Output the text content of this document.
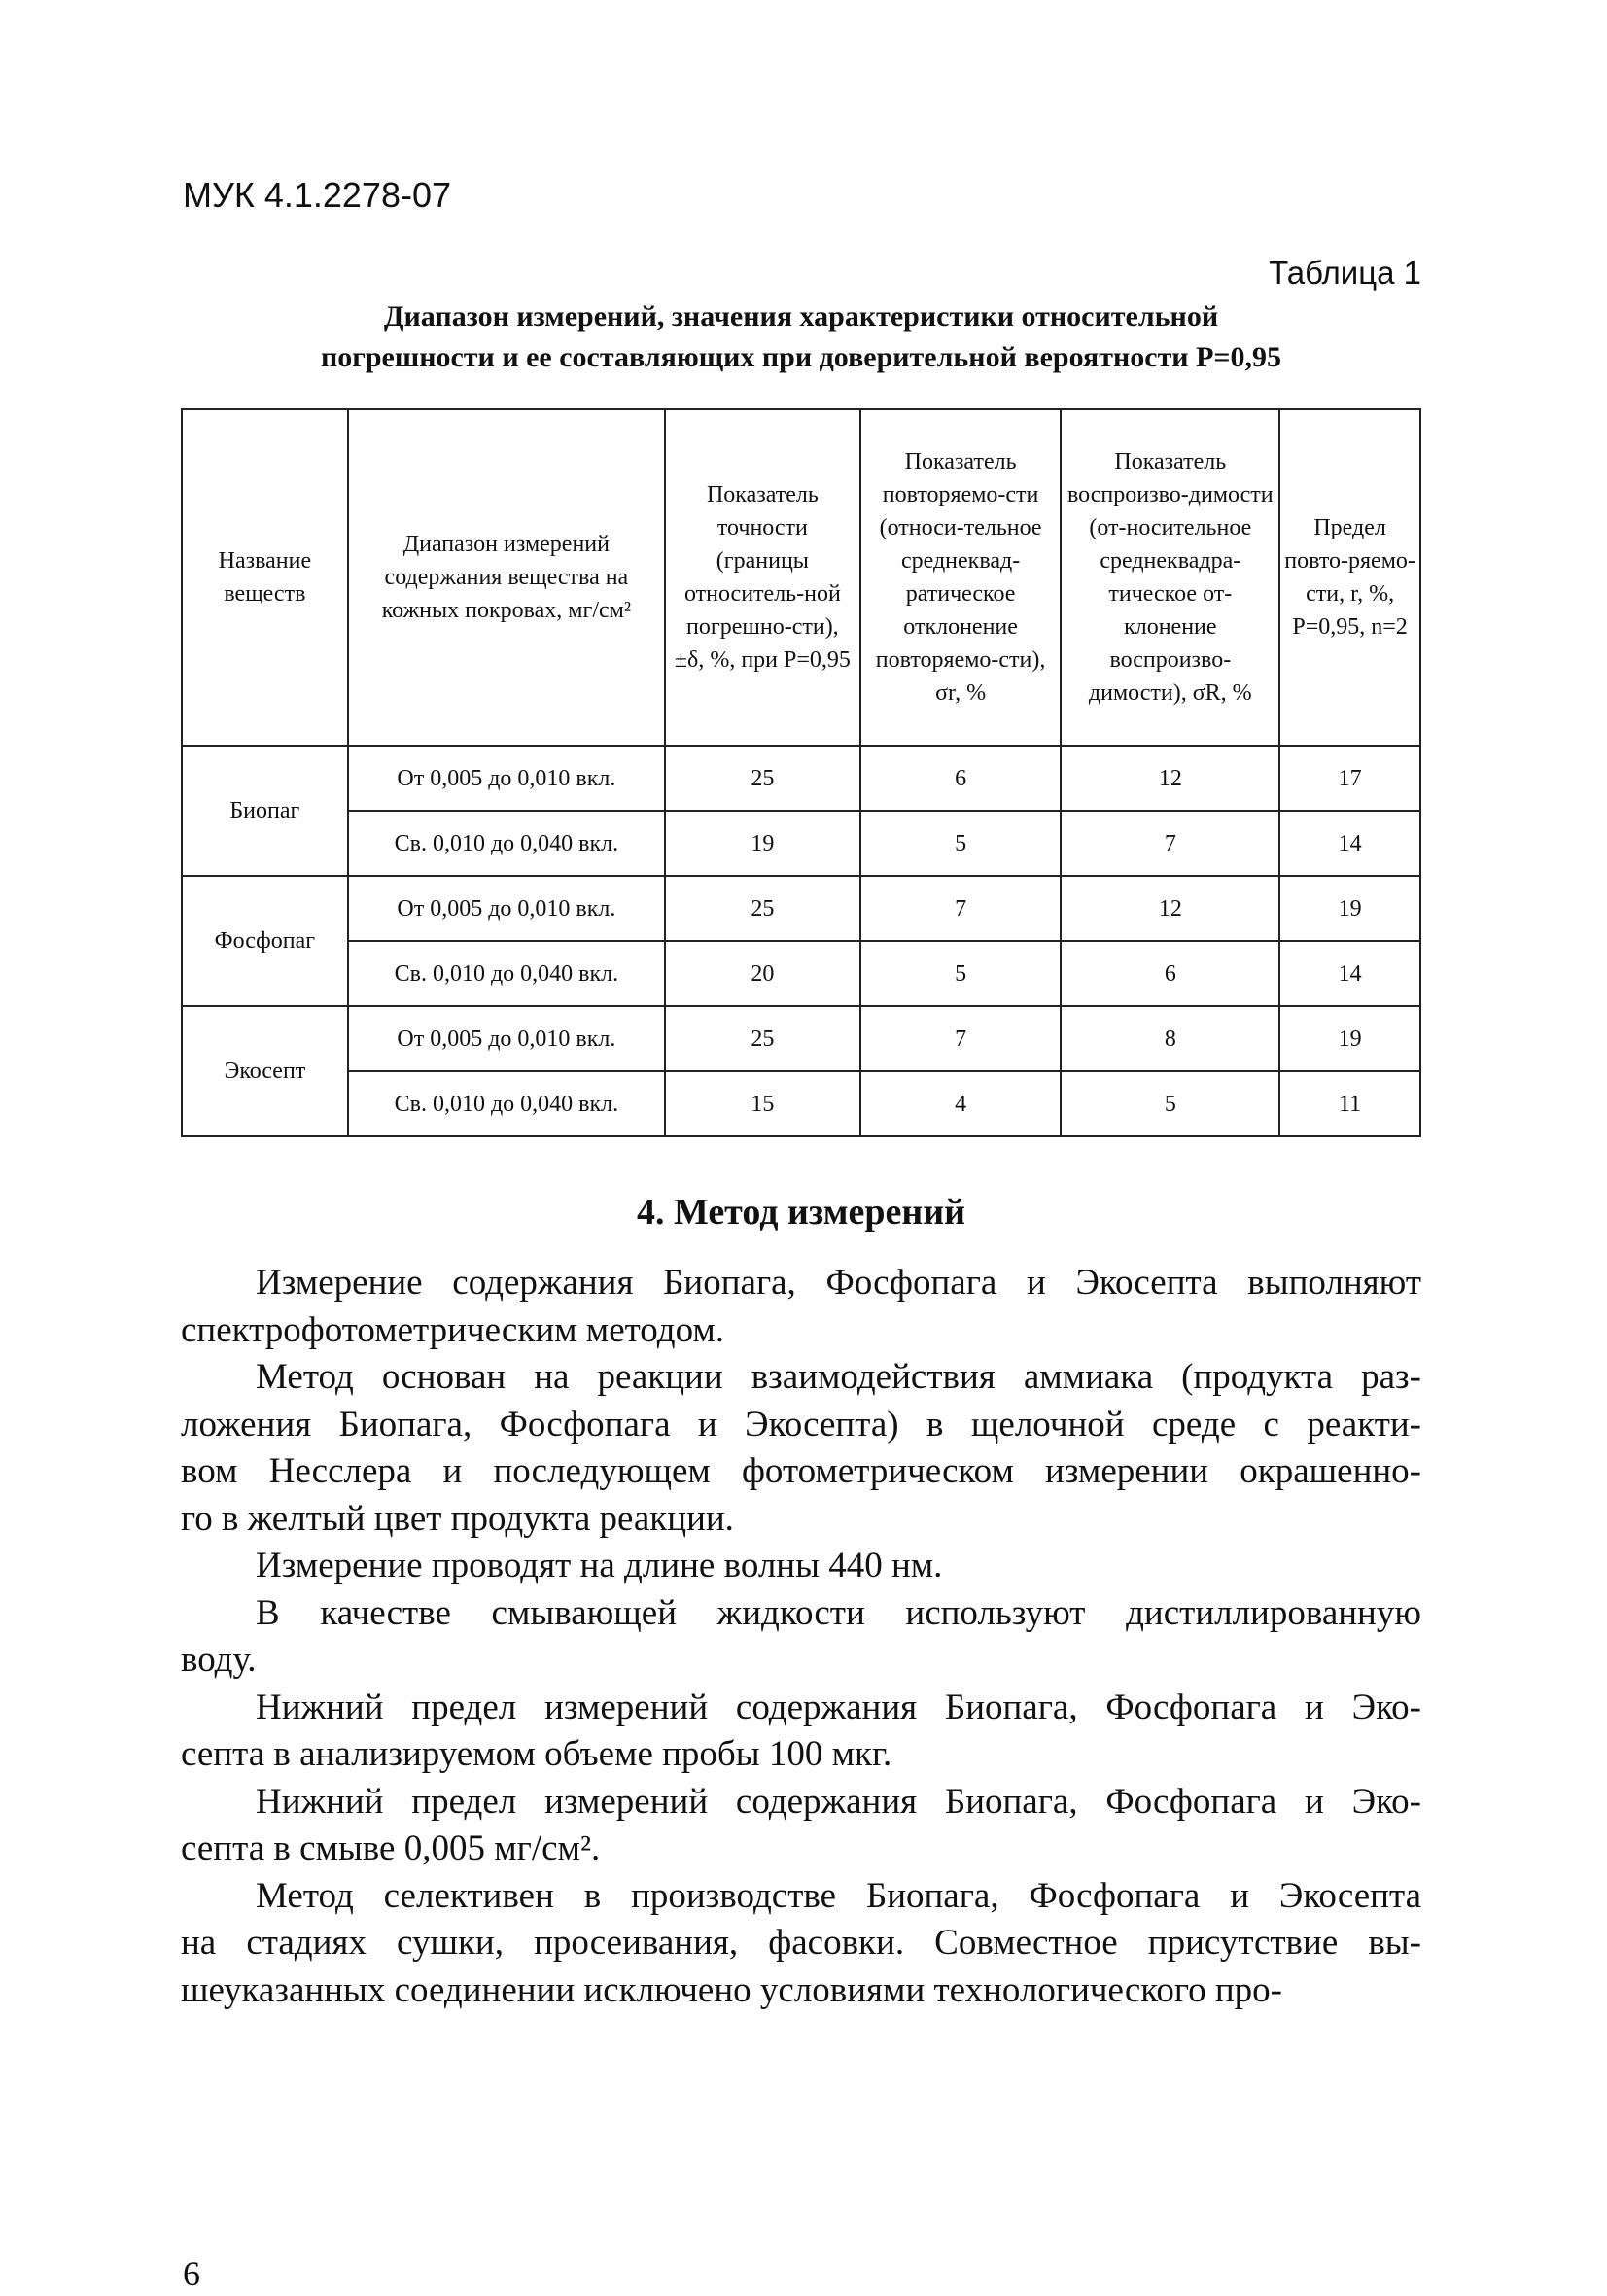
МУК 4.1.2278-07
Таблица 1
Диапазон измерений, значения характеристики относительной
погрешности и ее составляющих при доверительной вероятности Р=0,95
Название веществ	Диапазон измерений содержания вещества на кожных покровах, мг/см²	Показатель точности (границы относитель-ной погрешно-сти), ±δ, %, при Р=0,95	Показатель повторяемо-сти (относи-тельное среднеквад-ратическое отклонение повторяемо-сти), σr, %	Показатель воспроизво-димости (от-носительное среднеквадра-тическое от-клонение воспроизво-димости), σR, %	Предел повто-ряемо-сти, r, %, Р=0,95, n=2
Биопаг	От 0,005 до 0,010 вкл.	25	6	12	17
	Св. 0,010 до 0,040 вкл.	19	5	7	14
Фосфопаг	От 0,005 до 0,010 вкл.	25	7	12	19
	Св. 0,010 до 0,040 вкл.	20	5	6	14
Экосепт	От 0,005 до 0,010 вкл.	25	7	8	19
	Св. 0,010 до 0,040 вкл.	15	4	5	11
4. Метод измерений
Измерение содержания Биопага, Фосфопага и Экосепта выполняют
спектрофотометрическим методом.
Метод основан на реакции взаимодействия аммиака (продукта раз-
ложения Биопага, Фосфопага и Экосепта) в щелочной среде с реакти-
вом Несслера и последующем фотометрическом измерении окрашенно-
го в желтый цвет продукта реакции.
Измерение проводят на длине волны 440 нм.
В качестве смывающей жидкости используют дистиллированную
воду.
Нижний предел измерений содержания Биопага, Фосфопага и Эко-
септа в анализируемом объеме пробы 100 мкг.
Нижний предел измерений содержания Биопага, Фосфопага и Эко-
септа в смыве 0,005 мг/см².
Метод селективен в производстве Биопага, Фосфопага и Экосепта
на стадиях сушки, просеивания, фасовки. Совместное присутствие вы-
шеуказанных соединении исключено условиями технологического про-
6
